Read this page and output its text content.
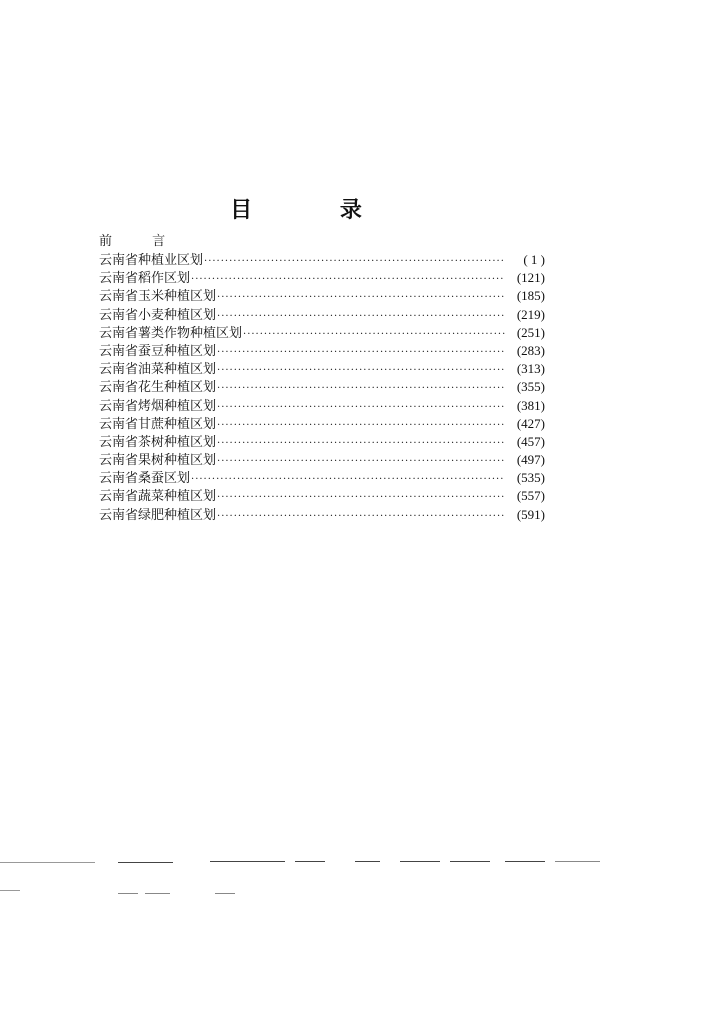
目 录
前 言
云南省种植业区划 ·····	( 1 )
云南省稻作区划 ·····	(121)
云南省玉米种植区划 ·····	(185)
云南省小麦种植区划 ·····	(219)
云南省薯类作物种植区划 ·····	(251)
云南省蚕豆种植区划 ·····	(283)
云南省油菜种植区划 ·····	(313)
云南省花生种植区划 ·····	(355)
云南省烤烟种植区划 ·····	(381)
云南省甘蔗种植区划 ·····	(427)
云南省茶树种植区划 ·····	(457)
云南省果树种植区划 ·····	(497)
云南省桑蚕区划 ·····	(535)
云南省蔬菜种植区划 ·····	(557)
云南省绿肥种植区划 ·····	(591)
